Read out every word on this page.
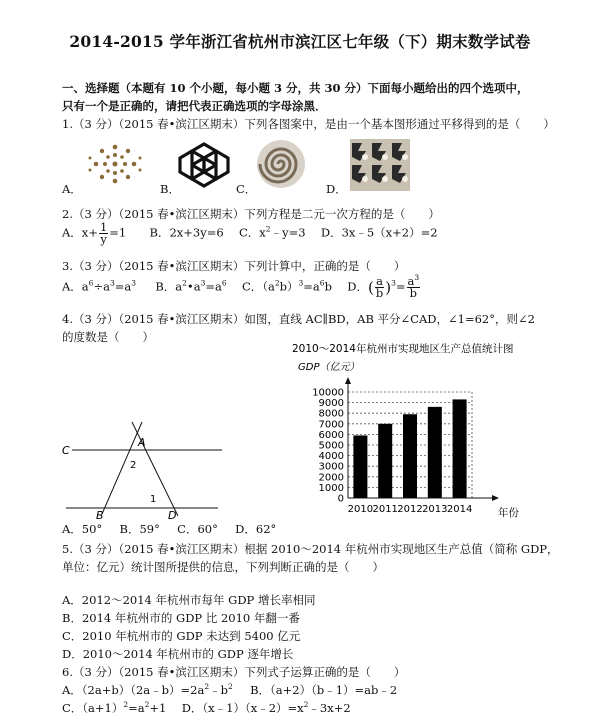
2014-2015 学年浙江省杭州市滨江区七年级（下）期末数学试卷
一、选择题（本题有 10 个小题，每小题 3 分，共 30 分）下面每小题给出的四个选项中，
只有一个是正确的，请把代表正确选项的字母涂黑．
1.（3 分）（2015 春•滨江区期末）下列各图案中，是由一个基本图形通过平移得到的是（　　）
A．	B．	C．	D．
2.（3 分）（2015 春•滨江区期末）下列方程是二元一次方程的是（　　）
A．$x+ \frac{1}{y} =1$ B．2x+3y=6 C．$x^2﹣y=3$ D．3x﹣5（x+2）=2
3.（3 分）（2015 春•滨江区期末）下列计算中，正确的是（　　）
A．$a^6\div a^3=a^3$ B．$a^2•a^3=a^6$ C．$(a^2b)^3=a^6b$ D．( $\frac{a}{b} )^3= \frac{a^3}{b}$
4.（3 分）（2015 春•滨江区期末）如图，直线 AC∥BD，AB 平分∠CAD，∠1=62°，则∠2
的度数是（　　）
C
A
B	D
1
2
2010～2014年杭州市实现地区生产总值统计图
GDP（亿元）
0
1000
2000
3000
4000
5000
6000
7000
8000
9000
10000
2010 2011 2012 2013 2014 年份
A．50° B．59° C．60° D．62°
5.（3 分）（2015 春•滨江区期末）根据 2010～2014 年杭州市实现地区生产总值（简称 GDP，
单位：亿元）统计图所提供的信息，下列判断正确的是（　　）
A．2012～2014 年杭州市每年 GDP 增长率相同
B．2014 年杭州市的 GDP 比 2010 年翻一番
C．2010 年杭州市的 GDP 未达到 5400 亿元
D．2010～2014 年杭州市的 GDP 逐年增长
6.（3 分）（2015 春•滨江区期末）下列式子运算正确的是（　　）
A．$(2a+b)(2a﹣b)=2a^2﹣b^2$ B．（a+2）（b﹣1）=ab﹣2
C．$(a+1)^2=a^2+1$ D．$(x﹣1)(x﹣2)=x^2﹣3x+2$
